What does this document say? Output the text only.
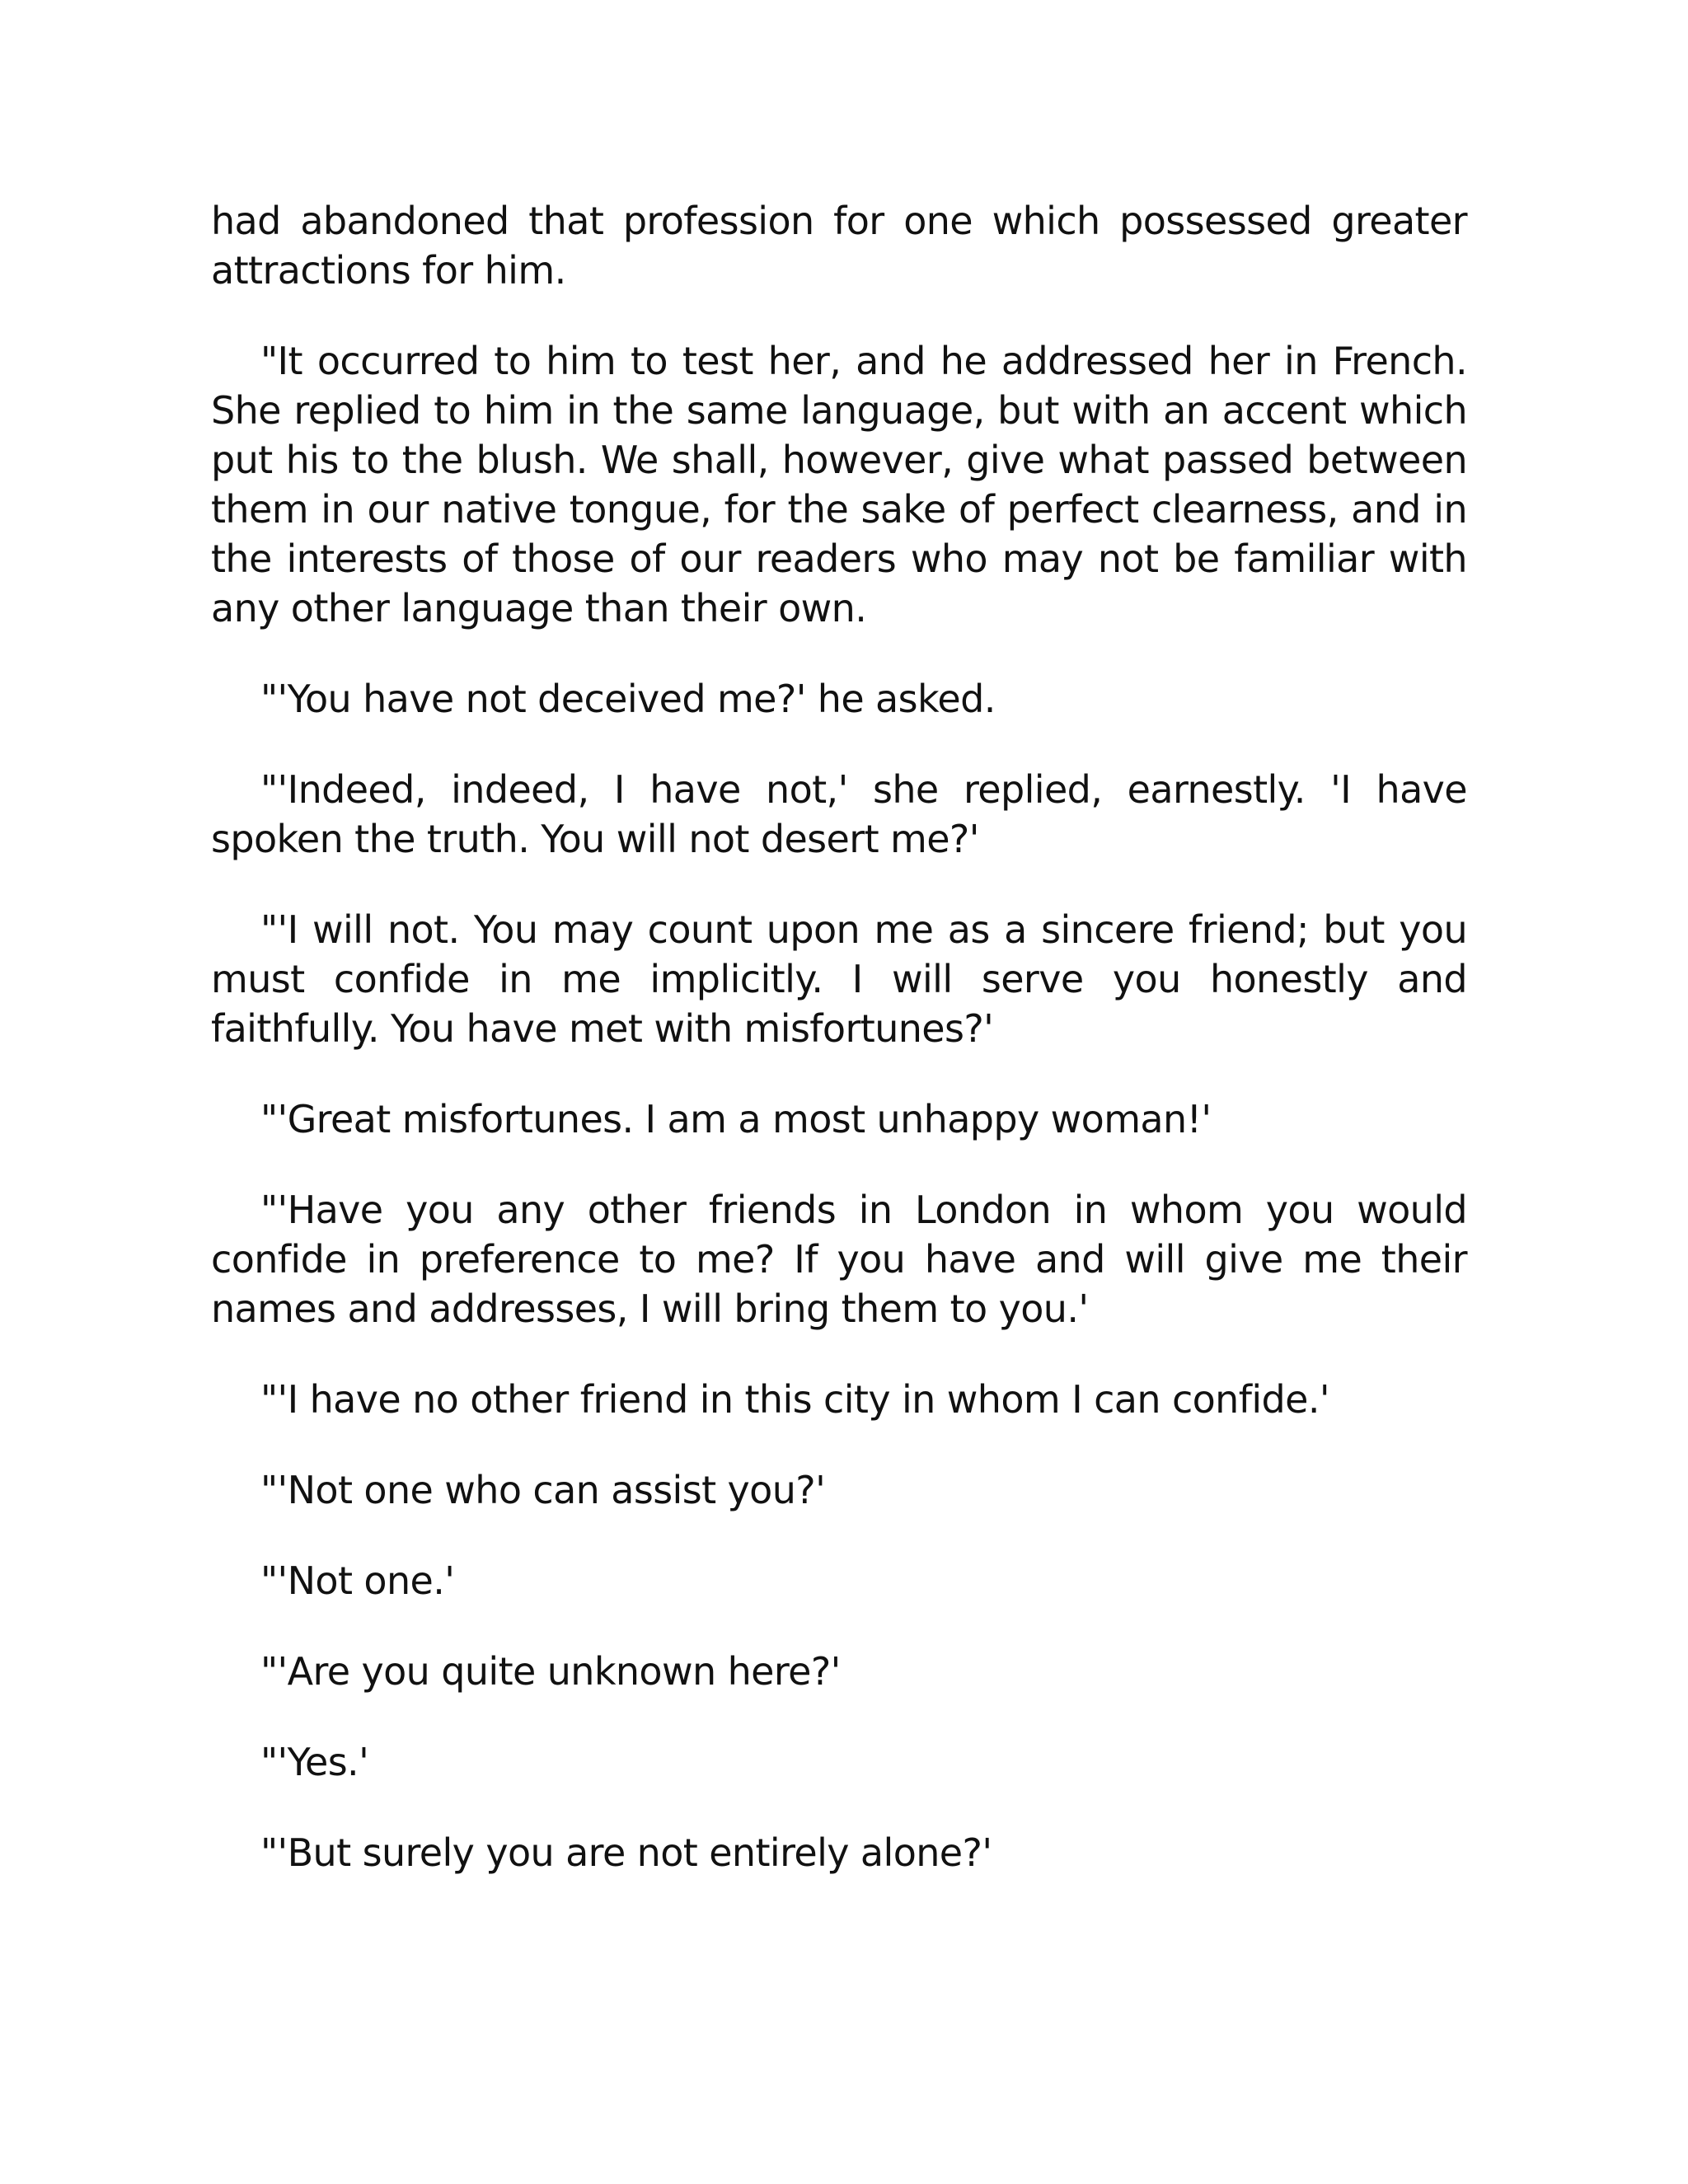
had abandoned that profession for one which possessed greater attractions for him.

"It occurred to him to test her, and he addressed her in French. She replied to him in the same language, but with an accent which put his to the blush. We shall, however, give what passed between them in our native tongue, for the sake of perfect clearness, and in the interests of those of our readers who may not be familiar with any other language than their own.

"'You have not deceived me?' he asked.

"'Indeed, indeed, I have not,' she replied, earnestly. 'I have spoken the truth. You will not desert me?'

"'I will not. You may count upon me as a sincere friend; but you must confide in me implicitly. I will serve you honestly and faithfully. You have met with misfortunes?'

"'Great misfortunes. I am a most unhappy woman!'

"'Have you any other friends in London in whom you would confide in preference to me? If you have and will give me their names and addresses, I will bring them to you.'

"'I have no other friend in this city in whom I can confide.'

"'Not one who can assist you?'

"'Not one.'

"'Are you quite unknown here?'

"'Yes.'

"'But surely you are not entirely alone?'
